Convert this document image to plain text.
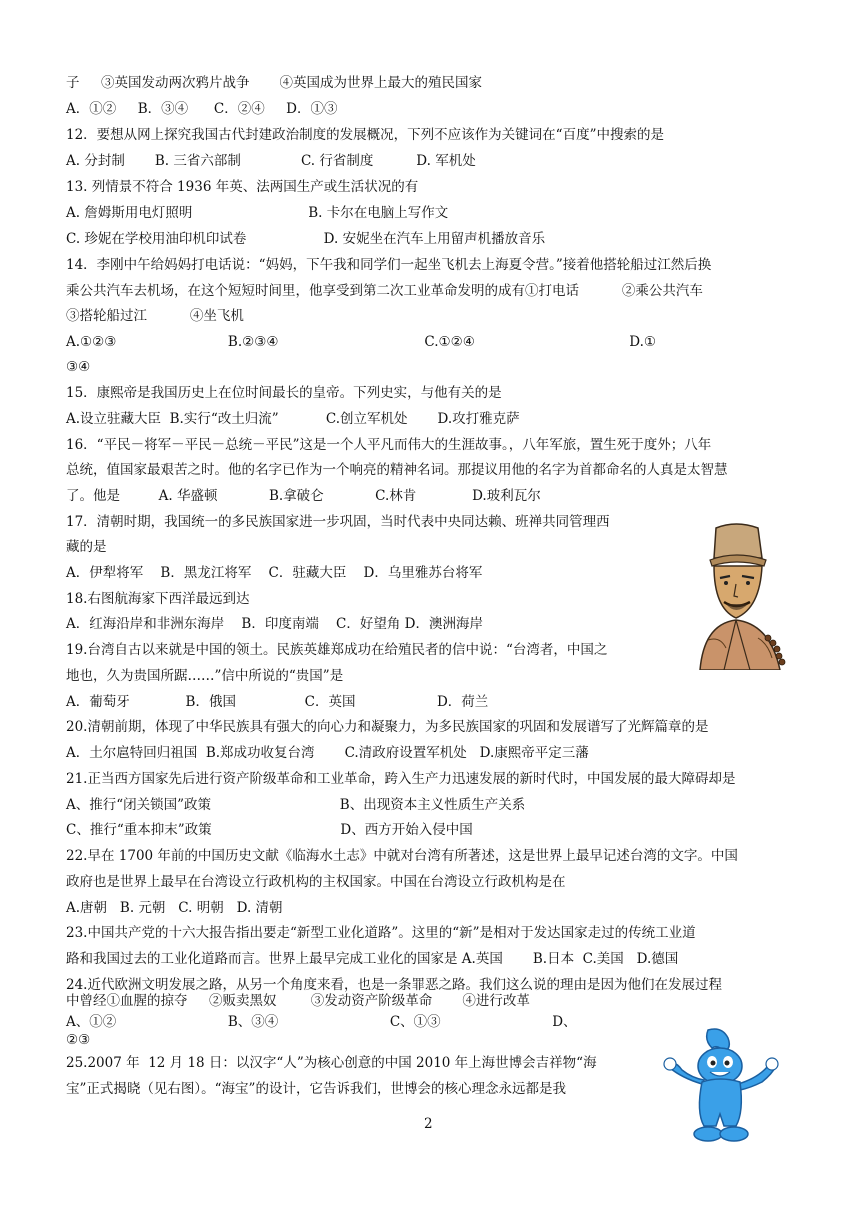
子     ③英国发动两次鸦片战争       ④英国成为世界上最大的殖民国家
A．①②     B．③④      C．②④     D．①③
12．要想从网上探究我国古代封建政治制度的发展概况，下列不应该作为关键词在“百度”中搜索的是
A. 分封制       B. 三省六部制              C. 行省制度          D. 军机处
13. 列情景不符合 1936 年英、法两国生产或生活状况的有
A. 詹姆斯用电灯照明                           B. 卡尔在电脑上写作文
C. 珍妮在学校用油印机印试卷                  D. 安妮坐在汽车上用留声机播放音乐
14．李刚中午给妈妈打电话说：“妈妈，下午我和同学们一起坐飞机去上海夏令营。”接着他搭轮船过江然后换
乘公共汽车去机场，在这个短短时间里，他享受到第二次工业革命发明的成有①打电话          ②乘公共汽车
③搭轮船过江          ④坐飞机
A.①②③                          B.②③④                                  C.①②④                                    D.①
③④
15．康熙帝是我国历史上在位时间最长的皇帝。下列史实，与他有关的是
A.设立驻藏大臣  B.实行“改土归流”           C.创立军机处       D.攻打雅克萨
16．“平民－将军－平民－总统－平民”这是一个人平凡而伟大的生涯故事。，八年军旅，置生死于度外；八年
总统，值国家最艰苦之时。他的名字已作为一个响亮的精神名词。那提议用他的名字为首都命名的人真是太智慧
了。他是         A. 华盛顿            B.拿破仑            C.林肯             D.玻利瓦尔
17．清朝时期，我国统一的多民族国家进一步巩固，当时代表中央同达赖、班禅共同管理西
藏的是
A．伊犁将军    B．黑龙江将军    C．驻藏大臣    D．乌里雅苏台将军
18.右图航海家下西洋最远到达
A．红海沿岸和非洲东海岸    B．印度南端    C．好望角 D．澳洲海岸
19.台湾自古以来就是中国的领土。民族英雄郑成功在给殖民者的信中说：“台湾者，中国之
地也，久为贵国所踞……”信中所说的“贵国”是
A．葡萄牙             B．俄国                C．英国                   D．荷兰
20.清朝前期，体现了中华民族具有强大的向心力和凝聚力，为多民族国家的巩固和发展谱写了光辉篇章的是
A．土尔扈特回归祖国  B.郑成功收复台湾       C.清政府设置军机处   D.康熙帝平定三藩
21.正当西方国家先后进行资产阶级革命和工业革命，跨入生产力迅速发展的新时代时，中国发展的最大障碍却是
A、推行“闭关锁国”政策                              B、出现资本主义性质生产关系
C、推行“重本抑末”政策                              D、西方开始入侵中国
22.早在 1700 年前的中国历史文献《临海水土志》中就对台湾有所著述，这是世界上最早记述台湾的文字。中国
政府也是世界上最早在台湾设立行政机构的主权国家。中国在台湾设立行政机构是在
A.唐朝   B. 元朝   C. 明朝   D. 清朝
23.中国共产党的十六大报告指出要走“新型工业化道路”。这里的“新”是相对于发达国家走过的传统工业道
路和我国过去的工业化道路而言。世界上最早完成工业化的国家是 A.英国       B.日本  C.美国   D.德国
24.近代欧洲文明发展之路，从另一个角度来看，也是一条罪恶之路。我们这么说的理由是因为他们在发展过程
中曾经①血腥的掠夺     ②贩卖黑奴        ③发动资产阶级革命       ④进行改革
A、①②                          B、③④                          C、①③                          D、
②③
25.2007 年  12 月 18 日：以汉字“人”为核心创意的中国 2010 年上海世博会吉祥物“海
宝”正式揭晓（见右图）。“海宝”的设计，它告诉我们，世博会的核心理念永远都是我
2
